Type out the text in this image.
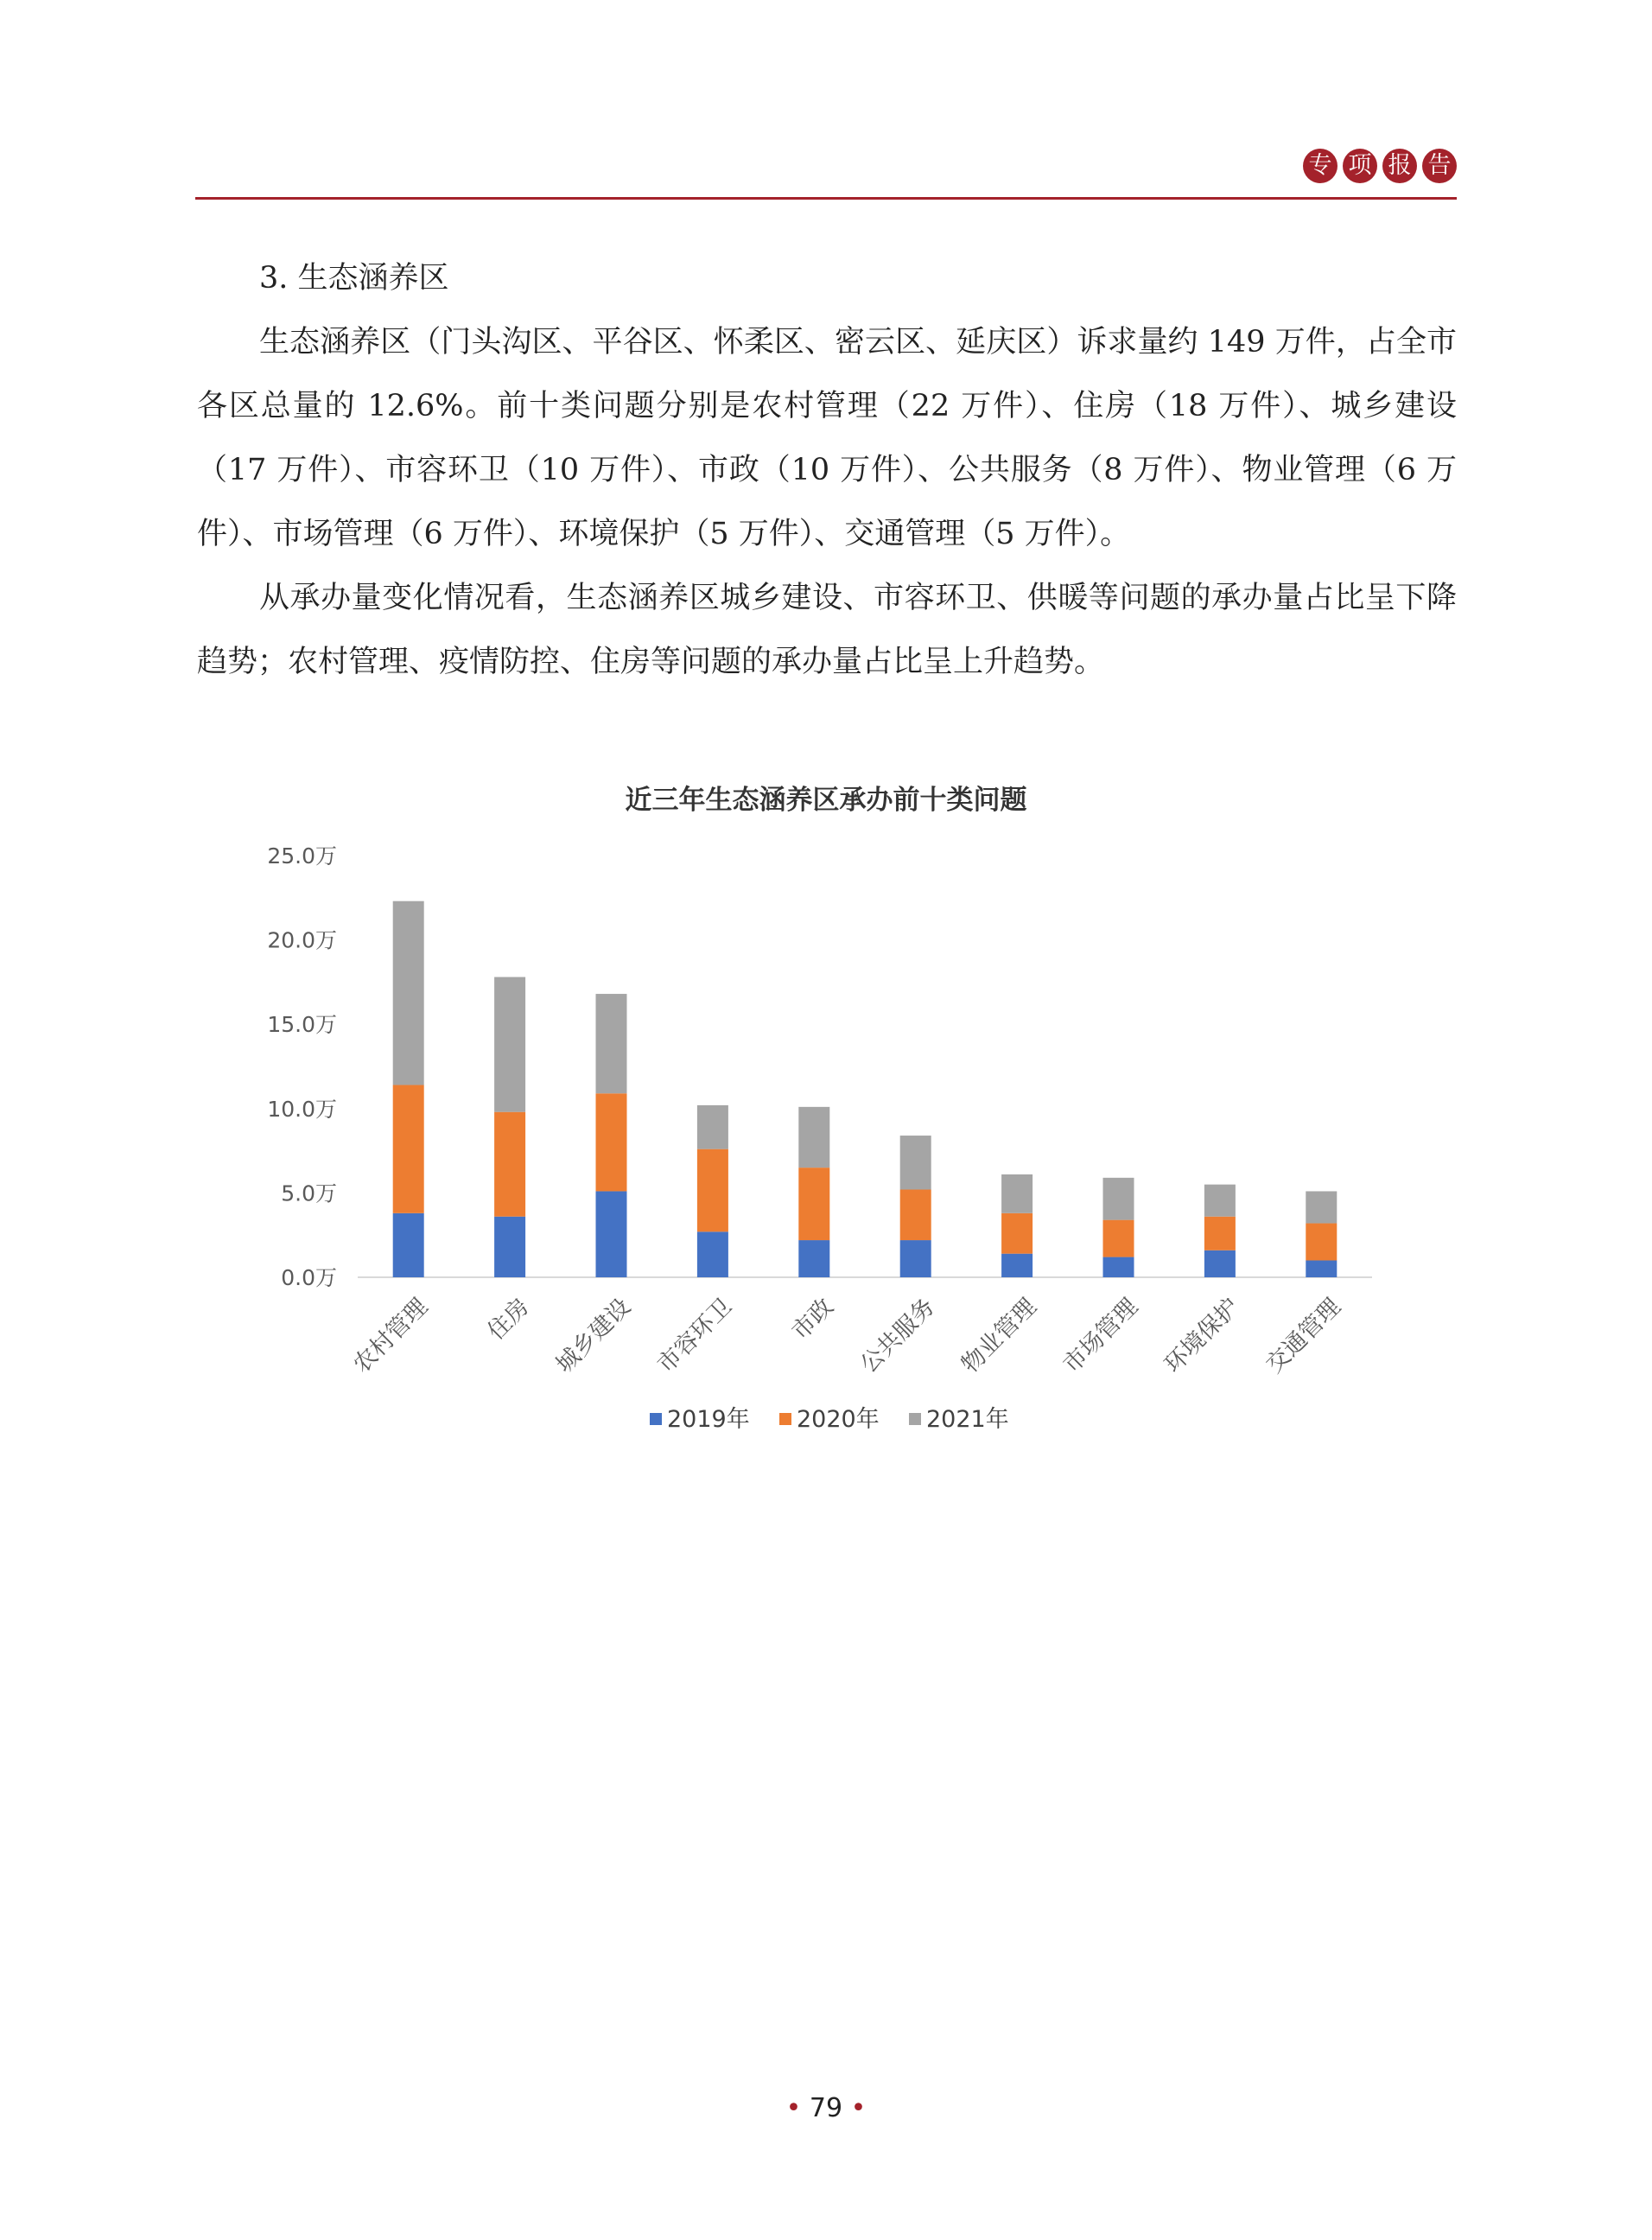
专 项 报 告

3. 生态涵养区

生态涵养区（门头沟区、平谷区、怀柔区、密云区、延庆区）诉求量约 149 万件，占全市各区总量的 12.6%。前十类问题分别是农村管理（22 万件）、住房（18 万件）、城乡建设（17 万件）、市容环卫（10 万件）、市政（10 万件）、公共服务（8 万件）、物业管理（6 万件）、市场管理（6 万件）、环境保护（5 万件）、交通管理（5 万件）。

从承办量变化情况看，生态涵养区城乡建设、市容环卫、供暖等问题的承办量占比呈下降趋势；农村管理、疫情防控、住房等问题的承办量占比呈上升趋势。

近三年生态涵养区承办前十类问题
0.0万
5.0万
10.0万
15.0万
20.0万
25.0万
农村管理 住房 城乡建设 市容环卫 市政 公共服务 物业管理 市场管理 环境保护 交通管理
2019年 2020年 2021年
• 79 •
